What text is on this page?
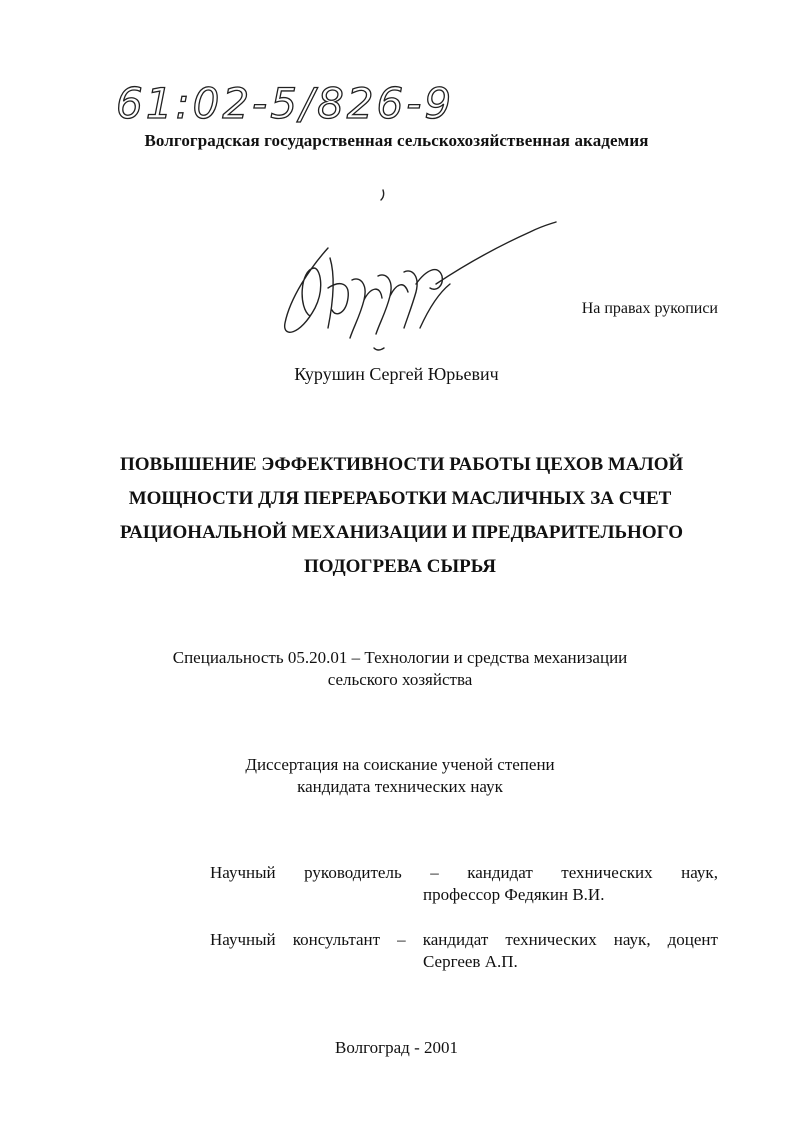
61:02-5/826-9
Волгоградская государственная сельскохозяйственная академия
На правах рукописи
Курушин Сергей Юрьевич
ПОВЫШЕНИЕ ЭФФЕКТИВНОСТИ РАБОТЫ ЦЕХОВ МАЛОЙ
МОЩНОСТИ ДЛЯ ПЕРЕРАБОТКИ МАСЛИЧНЫХ ЗА СЧЕТ
РАЦИОНАЛЬНОЙ МЕХАНИЗАЦИИ И ПРЕДВАРИТЕЛЬНОГО
ПОДОГРЕВА СЫРЬЯ
Специальность 05.20.01 – Технологии и средства механизации
сельского хозяйства
Диссертация на соискание ученой степени
кандидата технических наук
Научный руководитель – кандидат технических наук,
профессор Федякин В.И.
Научный консультант – кандидат технических наук, доцент
Сергеев А.П.
Волгоград - 2001
